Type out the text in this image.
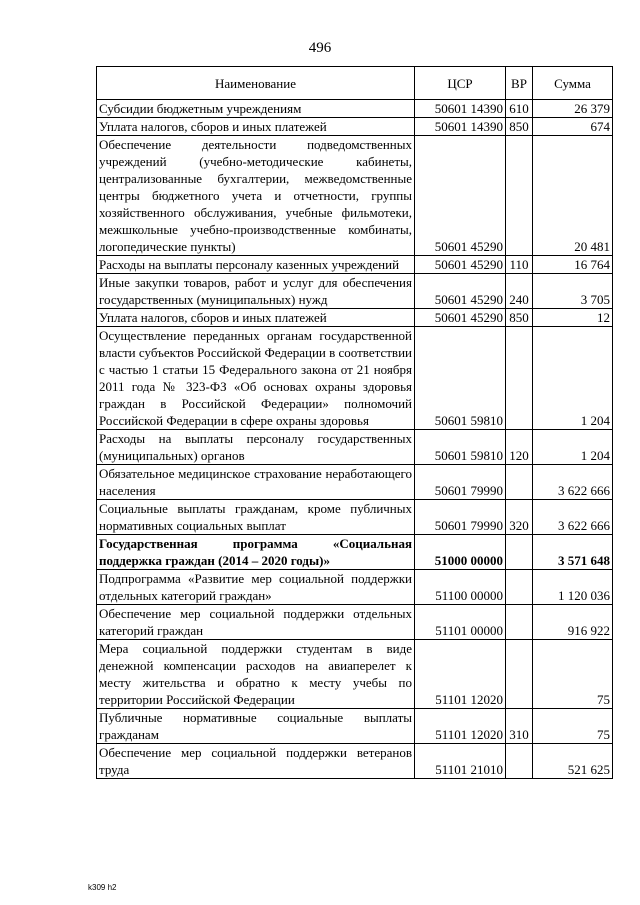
496
Наименование	ЦСР	ВР	Сумма
Субсидии бюджетным учреждениям	50601 14390	610	26 379
Уплата налогов, сборов и иных платежей	50601 14390	850	674
Обеспечение деятельности подведомственных учреждений (учебно-методические кабинеты, централизованные бухгалтерии, межведомственные центры бюджетного учета и отчетности, группы хозяйственного обслуживания, учебные фильмотеки, межшкольные учебно-производственные комбинаты, логопедические пункты)	50601 45290		20 481
Расходы на выплаты персоналу казенных учреждений	50601 45290	110	16 764
Иные закупки товаров, работ и услуг для обеспечения государственных (муниципальных) нужд	50601 45290	240	3 705
Уплата налогов, сборов и иных платежей	50601 45290	850	12
Осуществление переданных органам государственной власти субъектов Российской Федерации в соответствии с частью 1 статьи 15 Федерального закона от 21 ноября 2011 года № 323-ФЗ «Об основах охраны здоровья граждан в Российской Федерации» полномочий Российской Федерации в сфере охраны здоровья	50601 59810		1 204
Расходы на выплаты персоналу государственных (муниципальных) органов	50601 59810	120	1 204
Обязательное медицинское страхование неработающего населения	50601 79990		3 622 666
Социальные выплаты гражданам, кроме публичных нормативных социальных выплат	50601 79990	320	3 622 666
Государственная программа «Социальная поддержка граждан (2014 – 2020 годы)»	51000 00000		3 571 648
Подпрограмма «Развитие мер социальной поддержки отдельных категорий граждан»	51100 00000		1 120 036
Обеспечение мер социальной поддержки отдельных категорий граждан	51101 00000		916 922
Мера социальной поддержки студентам в виде денежной компенсации расходов на авиаперелет к месту жительства и обратно к месту учебы по территории Российской Федерации	51101 12020		75
Публичные нормативные социальные выплаты гражданам	51101 12020	310	75
Обеспечение мер социальной поддержки ветеранов труда	51101 21010		521 625
k309 h2
